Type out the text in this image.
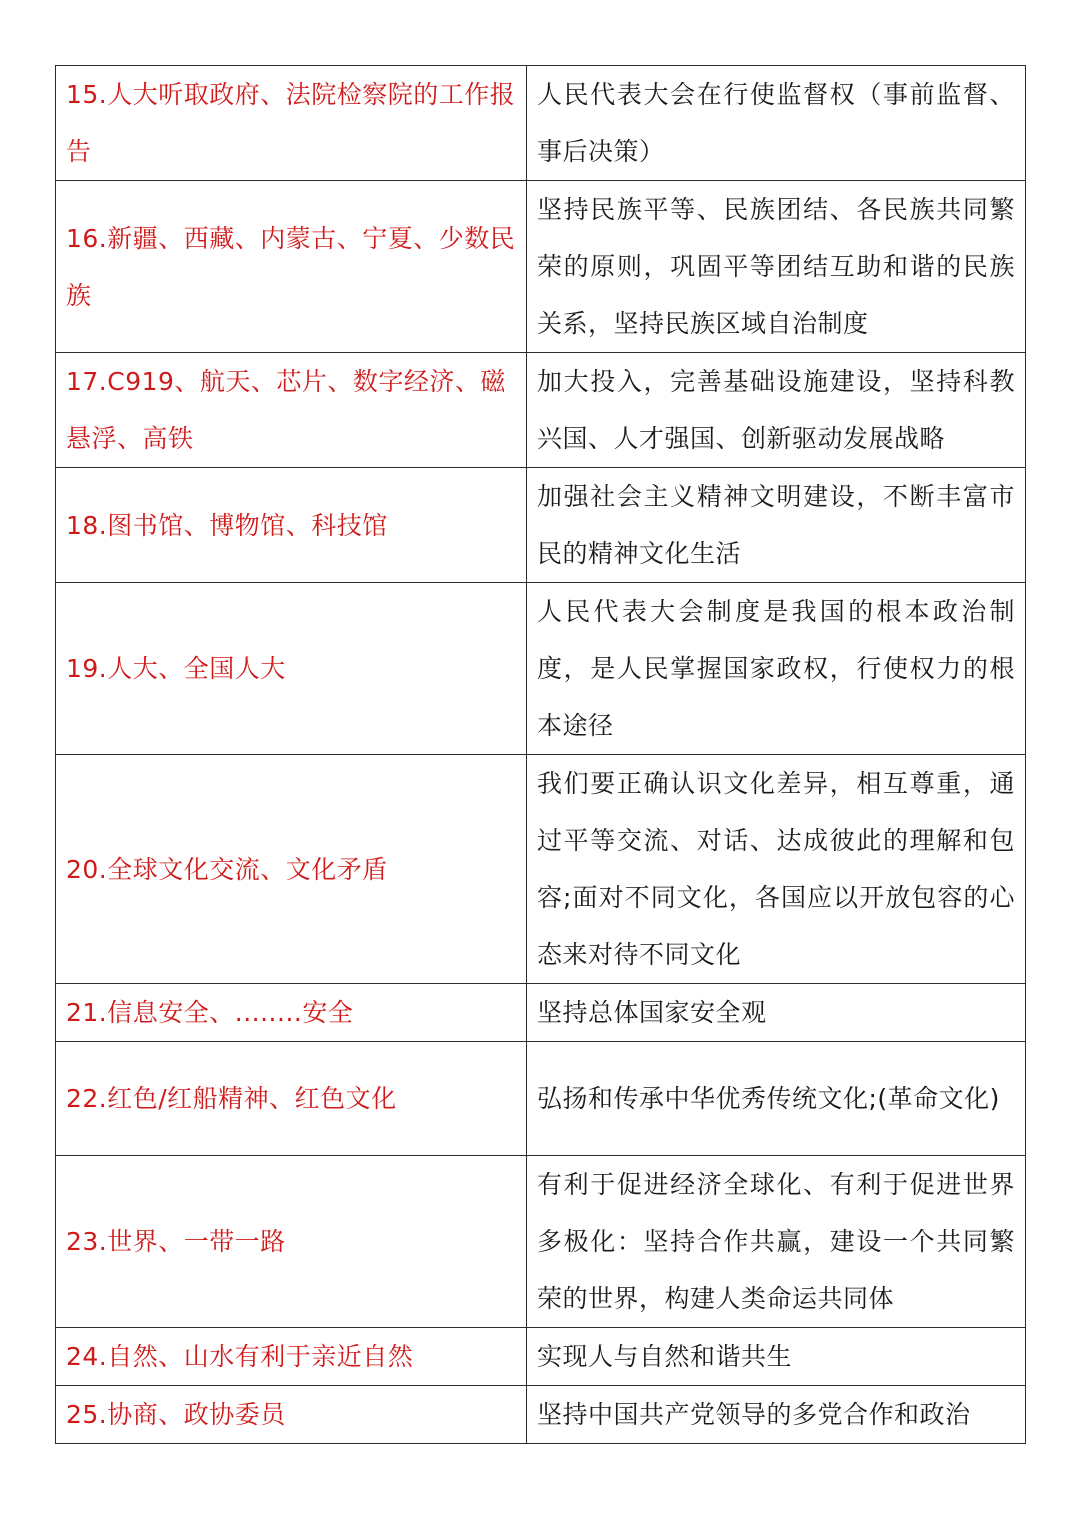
15.人大听取政府、法院检察院的工作报告	人民代表大会在行使监督权（事前监督、事后决策）

16.新疆、西藏、内蒙古、宁夏、少数民族	坚持民族平等、民族团结、各民族共同繁荣的原则，巩固平等团结互助和谐的民族关系，坚持民族区域自治制度

17.C919、航天、芯片、数字经济、磁悬浮、高铁	加大投入，完善基础设施建设，坚持科教兴国、人才强国、创新驱动发展战略

18.图书馆、博物馆、科技馆	加强社会主义精神文明建设，不断丰富市民的精神文化生活

19.人大、全国人大	人民代表大会制度是我国的根本政治制度，是人民掌握国家政权，行使权力的根本途径

20.全球文化交流、文化矛盾	我们要正确认识文化差异，相互尊重，通过平等交流、对话、达成彼此的理解和包容;面对不同文化，各国应以开放包容的心态来对待不同文化

21.信息安全、........安全	坚持总体国家安全观

22.红色/红船精神、红色文化	弘扬和传承中华优秀传统文化;(革命文化)

23.世界、一带一路	有利于促进经济全球化、有利于促进世界多极化：坚持合作共赢，建设一个共同繁荣的世界，构建人类命运共同体

24.自然、山水有利于亲近自然	实现人与自然和谐共生

25.协商、政协委员	坚持中国共产党领导的多党合作和政治
